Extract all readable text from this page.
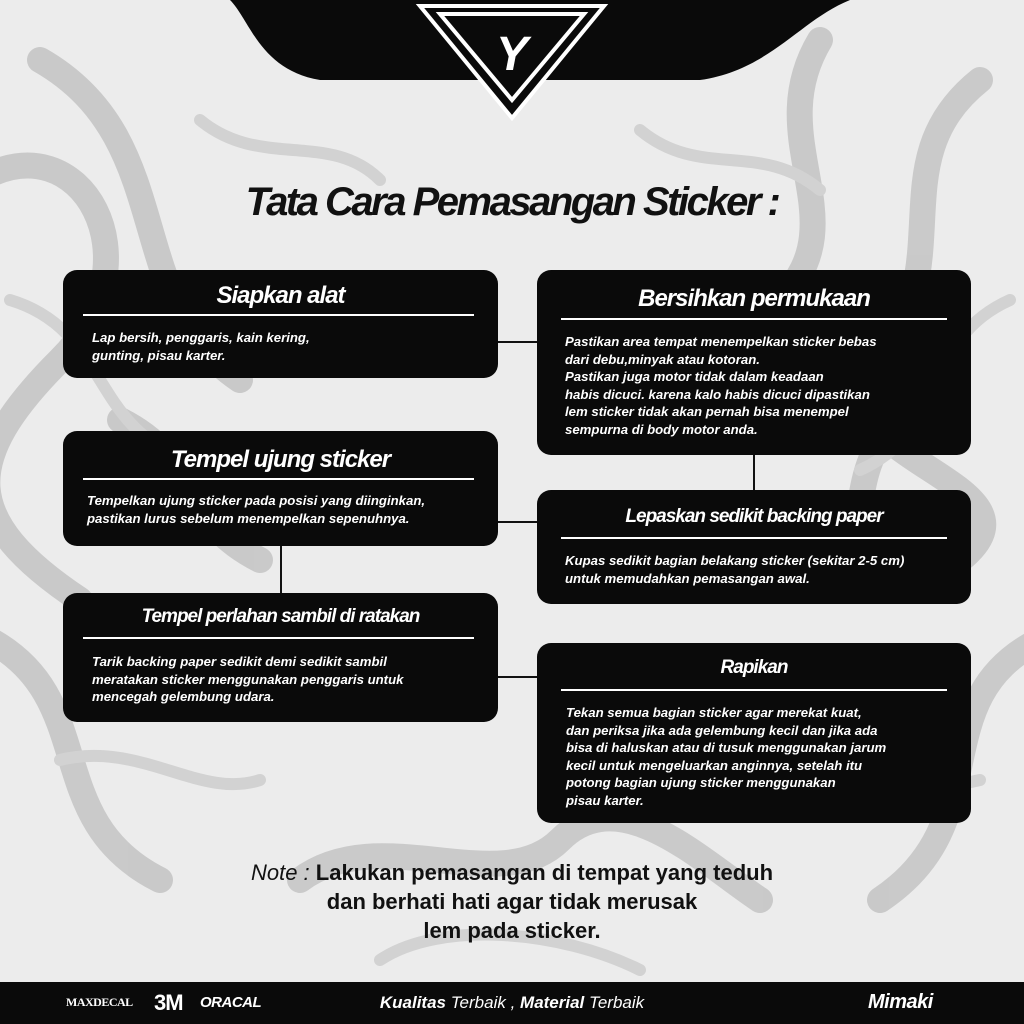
Y
Tata Cara Pemasangan Sticker :
Siapkan alat

Lap bersih, penggaris, kain kering,
gunting, pisau karter.

Bersihkan permukaan

Pastikan area tempat menempelkan sticker bebas
dari debu,minyak atau kotoran.
Pastikan juga motor tidak dalam keadaan
habis dicuci. karena kalo habis dicuci dipastikan
lem sticker tidak akan pernah bisa menempel
sempurna di body motor anda.

Tempel ujung sticker

Tempelkan ujung sticker pada posisi yang diinginkan,
pastikan lurus sebelum menempelkan sepenuhnya.	Lepaskan sedikit backing paper

Kupas sedikit bagian belakang sticker (sekitar 2-5 cm)
untuk memudahkan pemasangan awal.

Tempel perlahan sambil di ratakan

Tarik backing paper sedikit demi sedikit sambil
meratakan sticker menggunakan penggaris untuk
mencegah gelembung udara.

Rapikan

Tekan semua bagian sticker agar merekat kuat,
dan periksa jika ada gelembung kecil dan jika ada
bisa di haluskan atau di tusuk menggunakan jarum
kecil untuk mengeluarkan anginnya, setelah itu
potong bagian ujung sticker menggunakan
pisau karter.

Note : Lakukan pemasangan di tempat yang teduh
dan berhati hati agar tidak merusak
lem pada sticker.
MAXDECAL 3M ORACAL	Kualitas Terbaik , Material Terbaik	Mimaki
